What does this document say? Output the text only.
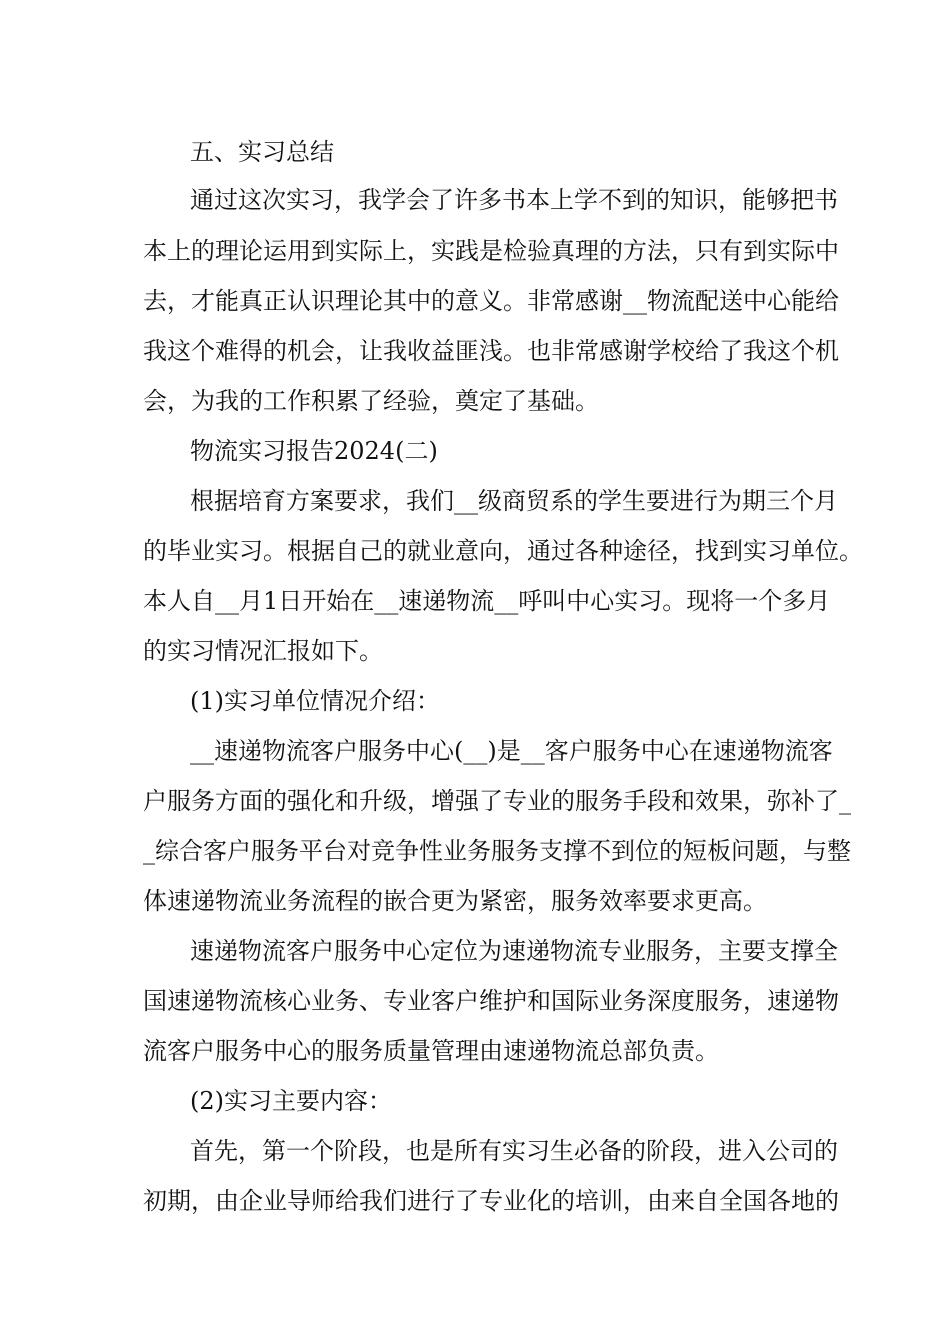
五、实习总结
通过这次实习，我学会了许多书本上学不到的知识，能够把书
本上的理论运用到实际上，实践是检验真理的方法，只有到实际中
去，才能真正认识理论其中的意义。非常感谢__物流配送中心能给
我这个难得的机会，让我收益匪浅。也非常感谢学校给了我这个机
会，为我的工作积累了经验，奠定了基础。
物流实习报告2024(二)
根据培育方案要求，我们__级商贸系的学生要进行为期三个月
的毕业实习。根据自己的就业意向，通过各种途径，找到实习单位。
本人自__月1日开始在__速递物流__呼叫中心实习。现将一个多月
的实习情况汇报如下。
(1)实习单位情况介绍：
__速递物流客户服务中心(__)是__客户服务中心在速递物流客
户服务方面的强化和升级，增强了专业的服务手段和效果，弥补了_
_综合客户服务平台对竞争性业务服务支撑不到位的短板问题，与整
体速递物流业务流程的嵌合更为紧密，服务效率要求更高。
速递物流客户服务中心定位为速递物流专业服务，主要支撑全
国速递物流核心业务、专业客户维护和国际业务深度服务，速递物
流客户服务中心的服务质量管理由速递物流总部负责。
(2)实习主要内容：
首先，第一个阶段，也是所有实习生必备的阶段，进入公司的
初期，由企业导师给我们进行了专业化的培训，由来自全国各地的
